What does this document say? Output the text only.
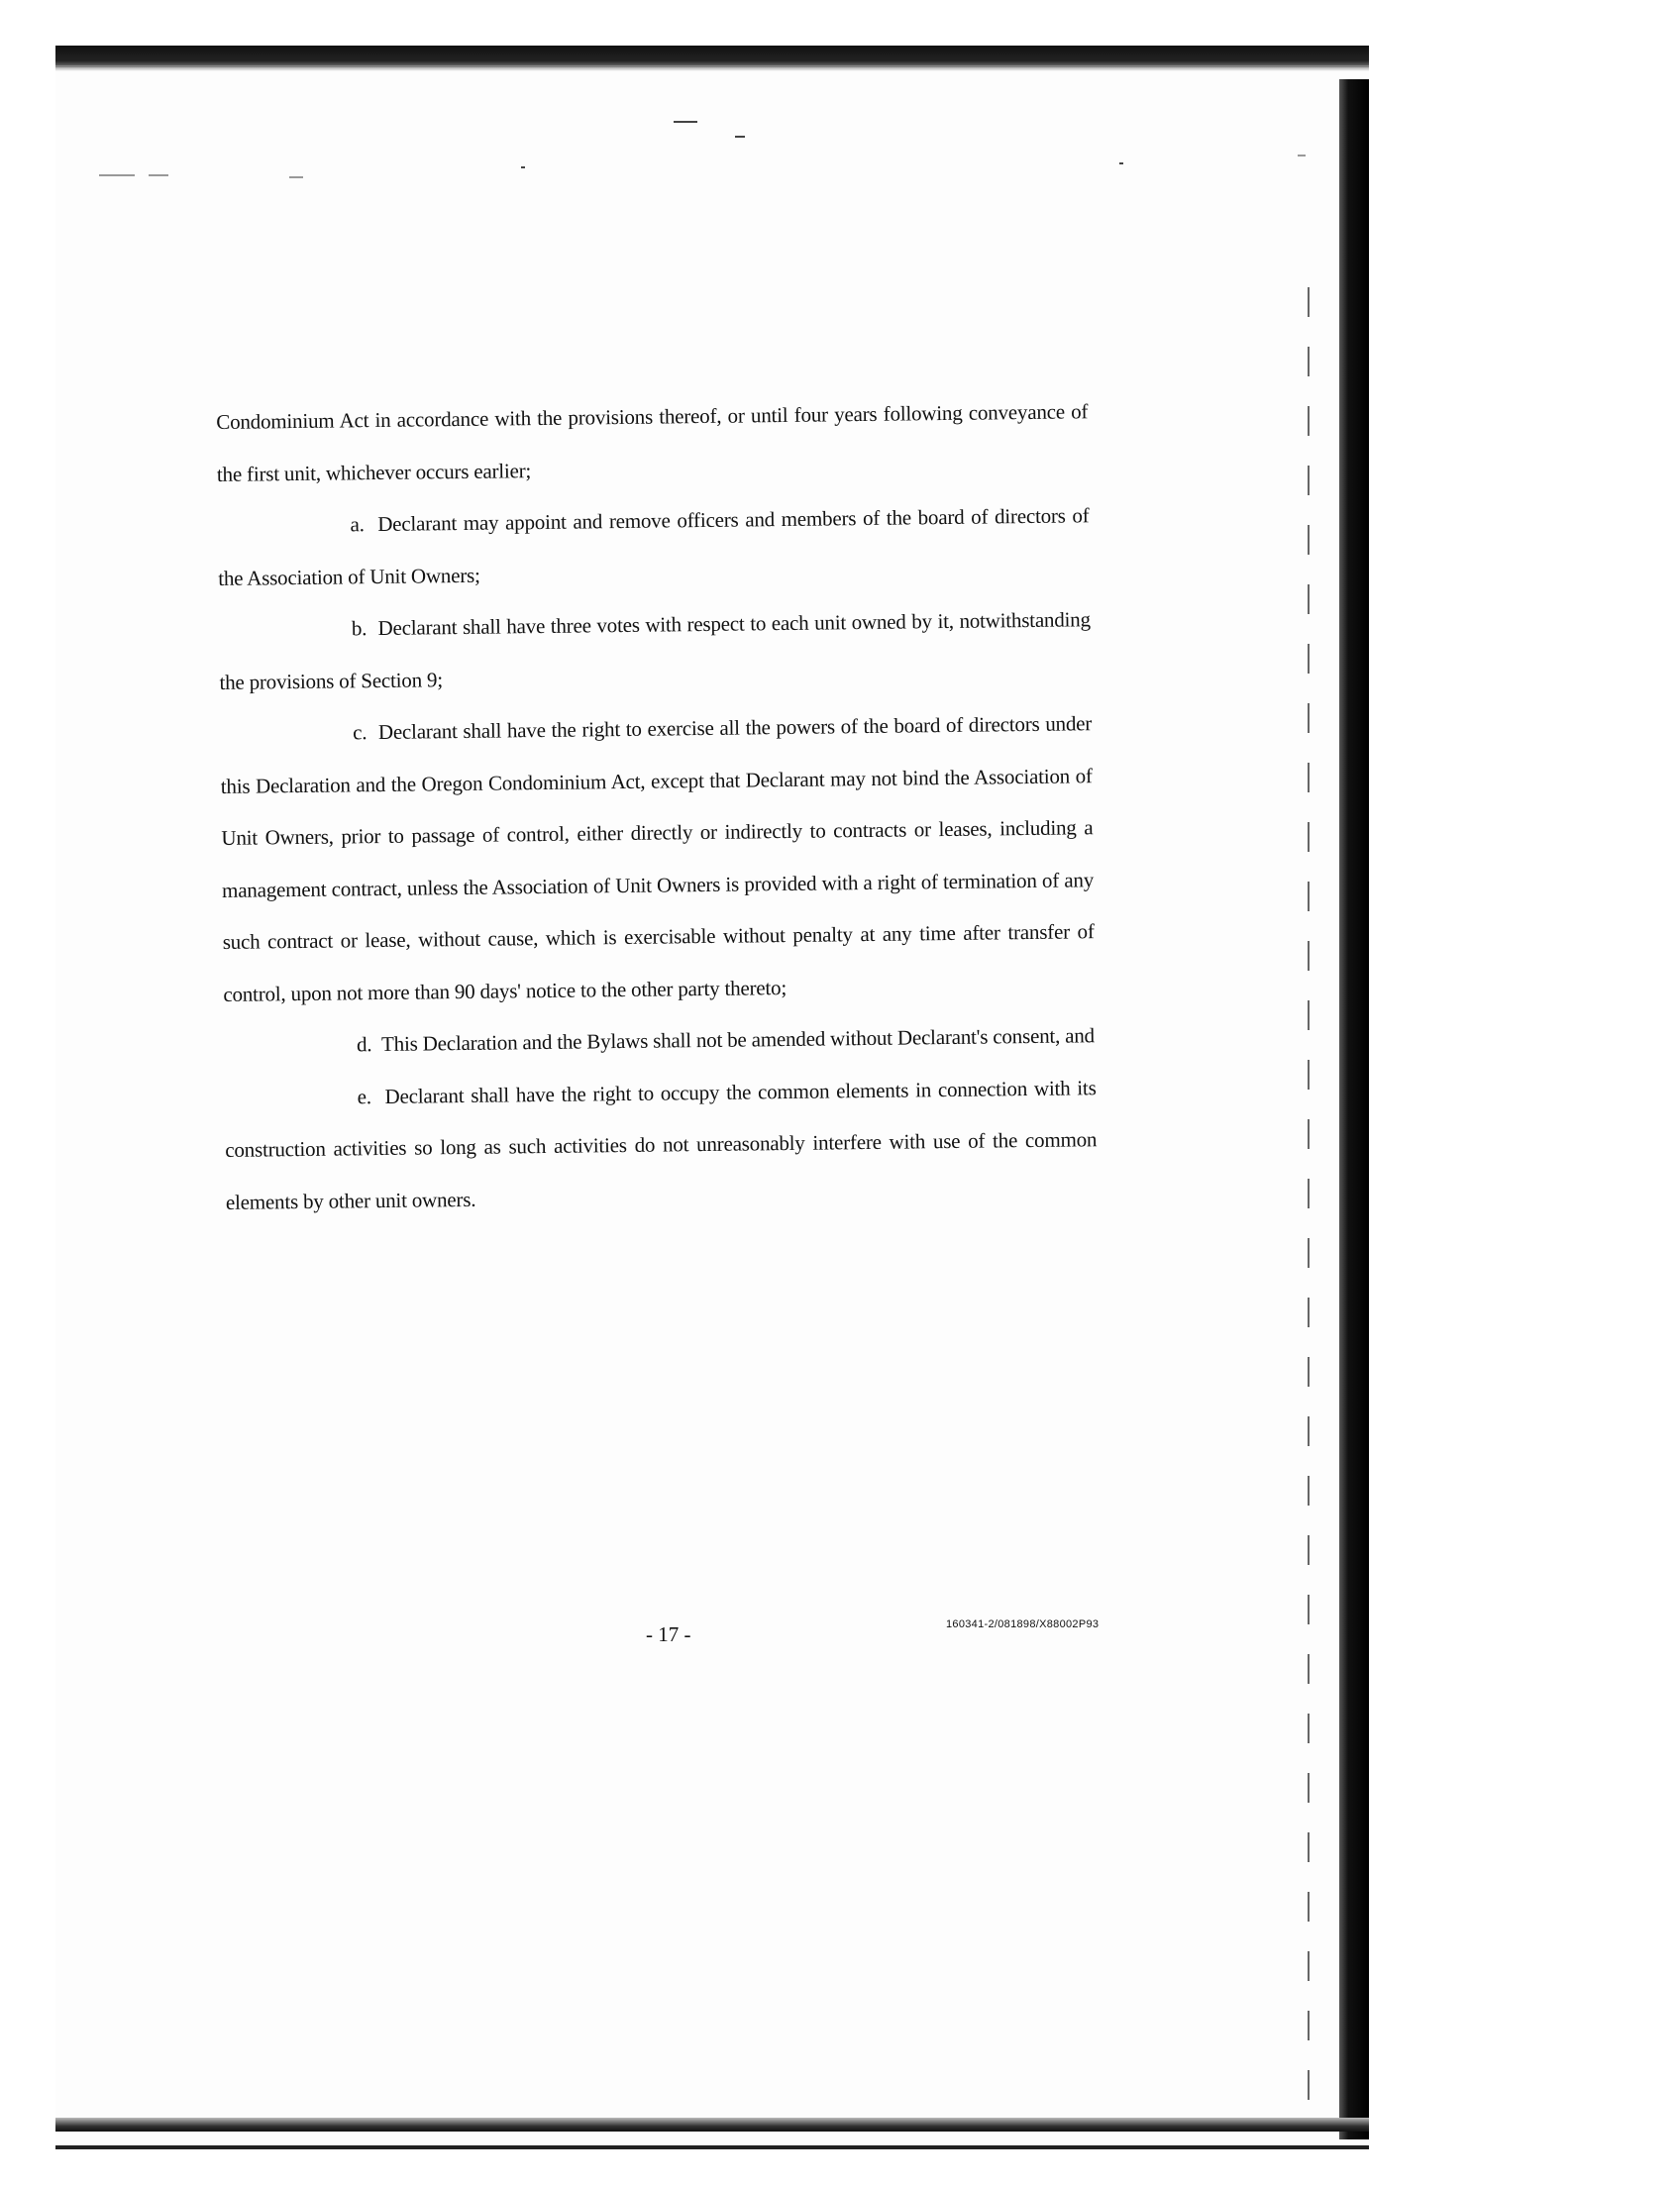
Condominium Act in accordance with the provisions thereof, or until four years following conveyance of the first unit, whichever occurs earlier;

a. Declarant may appoint and remove officers and members of the board of directors of the Association of Unit Owners;

b. Declarant shall have three votes with respect to each unit owned by it, notwithstanding the provisions of Section 9;

c. Declarant shall have the right to exercise all the powers of the board of directors under this Declaration and the Oregon Condominium Act, except that Declarant may not bind the Association of Unit Owners, prior to passage of control, either directly or indirectly to contracts or leases, including a management contract, unless the Association of Unit Owners is provided with a right of termination of any such contract or lease, without cause, which is exercisable without penalty at any time after transfer of control, upon not more than 90 days' notice to the other party thereto;

d. This Declaration and the Bylaws shall not be amended without Declarant's consent, and

e. Declarant shall have the right to occupy the common elements in connection with its construction activities so long as such activities do not unreasonably interfere with use of the common elements by other unit owners.

- 17 -	160341-2/081898/X88002P93
